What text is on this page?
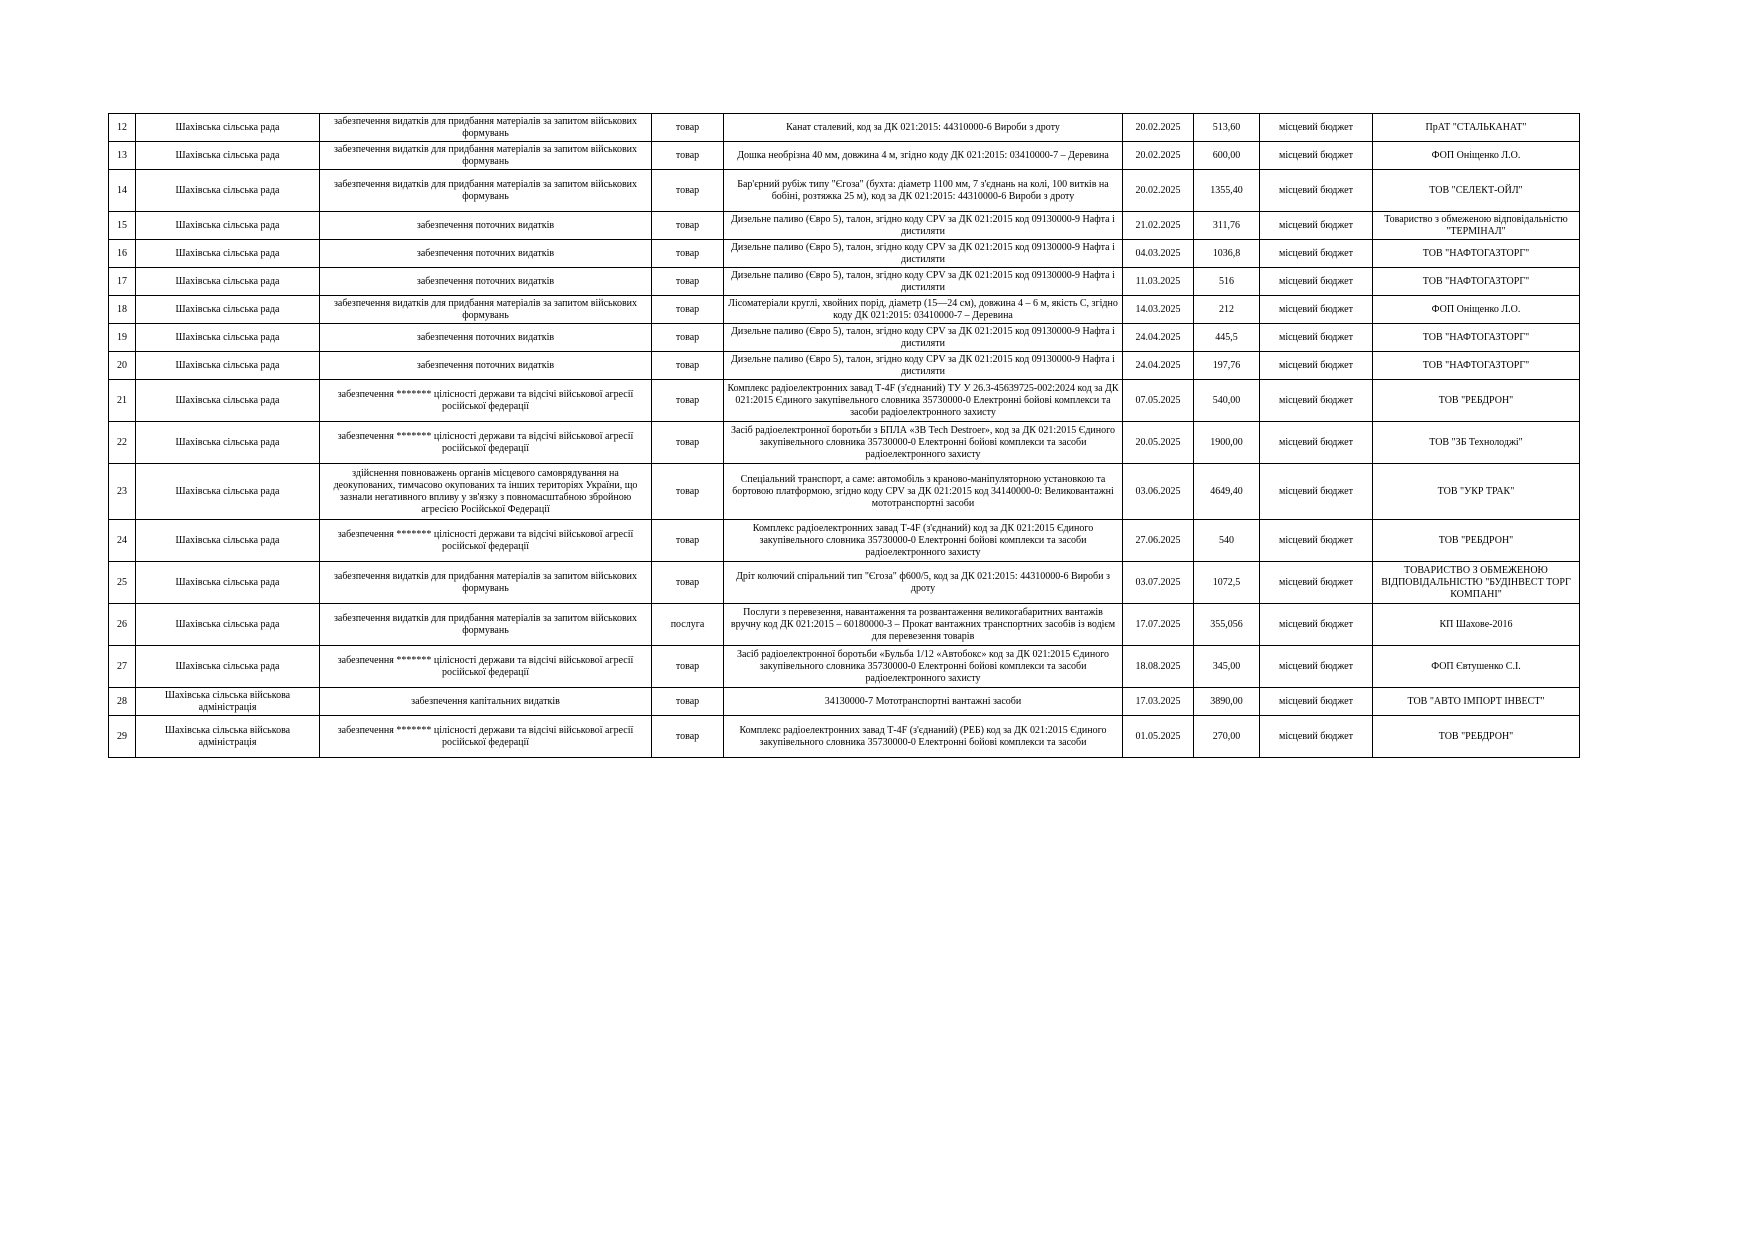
12	Шахівська сільська рада	забезпечення видатків для придбання матеріалів за запитом військових формувань	товар	Канат сталевий, код за ДК 021:2015: 44310000-6 Вироби з дроту	20.02.2025	513,60	місцевий бюджет	ПрАТ "СТАЛЬКАНАТ"
13	Шахівська сільська рада	забезпечення видатків для придбання матеріалів за запитом військових формувань	товар	Дошка необрізна 40 мм, довжина 4 м, згідно коду ДК 021:2015: 03410000-7 – Деревина	20.02.2025	600,00	місцевий бюджет	ФОП Оніщенко Л.О.
14	Шахівська сільська рада	забезпечення видатків для придбання матеріалів за запитом військових формувань	товар	Бар'єрний рубіж типу "Єгоза" (бухта: діаметр 1100 мм, 7 з'єднань на колі, 100 витків на бобіні, розтяжка 25 м), код за ДК 021:2015: 44310000-6 Вироби з дроту	20.02.2025	1355,40	місцевий бюджет	ТОВ "СЕЛЕКТ-ОЙЛ"
15	Шахівська сільська рада	забезпечення поточних видатків	товар	Дизельне паливо (Євро 5), талон, згідно коду CPV за ДК 021:2015 код 09130000-9 Нафта і дистиляти	21.02.2025	311,76	місцевий бюджет	Товариство з обмеженою відповідальністю "ТЕРМІНАЛ"
16	Шахівська сільська рада	забезпечення поточних видатків	товар	Дизельне паливо (Євро 5), талон, згідно коду CPV за ДК 021:2015 код 09130000-9 Нафта і дистиляти	04.03.2025	1036,8	місцевий бюджет	ТОВ "НАФТОГАЗТОРГ"
17	Шахівська сільська рада	забезпечення поточних видатків	товар	Дизельне паливо (Євро 5), талон, згідно коду CPV за ДК 021:2015 код 09130000-9 Нафта і дистиляти	11.03.2025	516	місцевий бюджет	ТОВ "НАФТОГАЗТОРГ"
18	Шахівська сільська рада	забезпечення видатків для придбання матеріалів за запитом військових формувань	товар	Лісоматеріали круглі, хвойних порід, діаметр (15—24 см), довжина 4 – 6 м, якість С, згідно коду ДК 021:2015: 03410000-7 – Деревина	14.03.2025	212	місцевий бюджет	ФОП Оніщенко Л.О.
19	Шахівська сільська рада	забезпечення поточних видатків	товар	Дизельне паливо (Євро 5), талон, згідно коду CPV за ДК 021:2015 код 09130000-9 Нафта і дистиляти	24.04.2025	445,5	місцевий бюджет	ТОВ "НАФТОГАЗТОРГ"
20	Шахівська сільська рада	забезпечення поточних видатків	товар	Дизельне паливо (Євро 5), талон, згідно коду CPV за ДК 021:2015 код 09130000-9 Нафта і дистиляти	24.04.2025	197,76	місцевий бюджет	ТОВ "НАФТОГАЗТОРГ"
21	Шахівська сільська рада	забезпечення ******* цілісності держави та відсічі військової агресії російської федерації	товар	Комплекс радіоелектронних завад Т-4F (з'єднаний) ТУ У 26.3-45639725-002:2024 код за ДК 021:2015 Єдиного закупівельного словника 35730000-0 Електронні бойові комплекси та засоби радіоелектронного захисту	07.05.2025	540,00	місцевий бюджет	ТОВ "РЕБДРОН"
22	Шахівська сільська рада	забезпечення ******* цілісності держави та відсічі військової агресії російської федерації	товар	Засіб радіоелектронної боротьби з БПЛА «ЗВ Tech Destroer», код за ДК 021:2015 Єдиного закупівельного словника 35730000-0 Електронні бойові комплекси та засоби радіоелектронного захисту	20.05.2025	1900,00	місцевий бюджет	ТОВ "ЗБ Технолоджі"
23	Шахівська сільська рада	здійснення повноважень органів місцевого самоврядування на деокупованих, тимчасово окупованих та інших територіях України, що зазнали негативного впливу у зв'язку з повномасштабною збройною агресією Російської Федерації	товар	Спеціальний транспорт, а саме: автомобіль з краново-маніпуляторною установкою та бортовою платформою, згідно коду CPV за ДК 021:2015 код 34140000-0: Великовантажні мототранспортні засоби	03.06.2025	4649,40	місцевий бюджет	ТОВ "УКР ТРАК"
24	Шахівська сільська рада	забезпечення ******* цілісності держави та відсічі військової агресії російської федерації	товар	Комплекс радіоелектронних завад Т-4F (з'єднаний) код за ДК 021:2015 Єдиного закупівельного словника 35730000-0 Електронні бойові комплекси та засоби радіоелектронного захисту	27.06.2025	540	місцевий бюджет	ТОВ "РЕБДРОН"
25	Шахівська сільська рада	забезпечення видатків для придбання матеріалів за запитом військових формувань	товар	Дріт колючий спіральний тип "Єгоза" ф600/5, код за ДК 021:2015: 44310000-6 Вироби з дроту	03.07.2025	1072,5	місцевий бюджет	ТОВАРИСТВО З ОБМЕЖЕНОЮ ВІДПОВІДАЛЬНІСТЮ "БУДІНВЕСТ ТОРГ КОМПАНІ"
26	Шахівська сільська рада	забезпечення видатків для придбання матеріалів за запитом військових формувань	послуга	Послуги з перевезення, навантаження та розвантаження великогабаритних вантажів вручну код ДК 021:2015 – 60180000-3 – Прокат вантажних транспортних засобів із водієм для перевезення товарів	17.07.2025	355,056	місцевий бюджет	КП Шахове-2016
27	Шахівська сільська рада	забезпечення ******* цілісності держави та відсічі військової агресії російської федерації	товар	Засіб радіоелектронної боротьби «Бульба 1/12 «Автобокс» код за ДК 021:2015 Єдиного закупівельного словника 35730000-0 Електронні бойові комплекси та засоби радіоелектронного захисту	18.08.2025	345,00	місцевий бюджет	ФОП Євтушенко С.І.
28	Шахівська сільська військова адміністрація	забезпечення капітальних видатків	товар	34130000-7 Мототранспортні вантажні засоби	17.03.2025	3890,00	місцевий бюджет	ТОВ "АВТО ІМПОРТ ІНВЕСТ"
29	Шахівська сільська військова адміністрація	забезпечення ******* цілісності держави та відсічі військової агресії російської федерації	товар	Комплекс радіоелектронних завад Т-4F (з'єднаний) (РЕБ) код за ДК 021:2015 Єдиного закупівельного словника 35730000-0 Електронні бойові комплекси та засоби	01.05.2025	270,00	місцевий бюджет	ТОВ "РЕБДРОН"
